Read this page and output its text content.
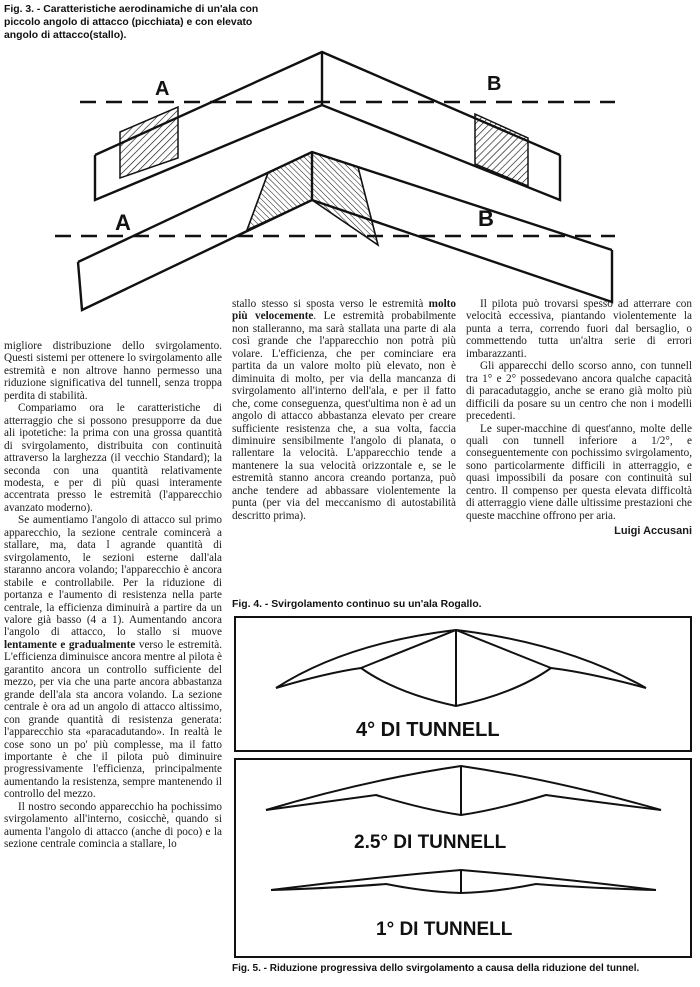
Fig. 3. - Caratteristiche aerodinamiche di un'ala con piccolo angolo di attacco (picchiata) e con elevato angolo di attacco(stallo).
A	B
A	B

migliore distribuzione dello svirgolamento. Questi sistemi per ottenere lo svirgolamento alle estremità e non altrove hanno permesso una riduzione significativa del tunnell, senza troppa perdita di stabilità.

Compariamo ora le caratteristiche di atterraggio che si possono presupporre da due ali ipotetiche: la prima con una grossa quantità di svirgolamento, distribuita con continuità attraverso la larghezza (il vecchio Standard); la seconda con una quantità relativamente modesta, e per di più quasi interamente accentrata presso le estremità (l'apparecchio avanzato moderno).

Se aumentiamo l'angolo di attacco sul primo apparecchio, la sezione centrale comincerà a stallare, ma, data l agrande quantità di svirgolamento, le sezioni esterne dall'ala staranno ancora volando; l'apparecchio è ancora stabile e controllabile. Per la riduzione di portanza e l'aumento di resistenza nella parte centrale, la efficienza diminuirà a partire da un valore già basso (4 a 1). Aumentando ancora l'angolo di attacco, lo stallo si muove lentamente e gradualmente verso le estremità. L'efficienza diminuisce ancora mentre al pilota è garantito ancora un controllo sufficiente del mezzo, per via che una parte ancora abbastanza grande dell'ala sta ancora volando. La sezione centrale è ora ad un angolo di attacco altissimo, con grande quantità di resistenza generata: l'apparecchio sta «paracadutando». In realtà le cose sono un po' più complesse, ma il fatto importante è che il pilota può diminuire progressivamente l'efficienza, principalmente aumentando la resistenza, sempre mantenendo il controllo del mezzo.

Il nostro secondo apparecchio ha pochissimo svirgolamento all'interno, cosicchè, quando si aumenta l'angolo di attacco (anche di poco) e la sezione centrale comincia a stallare, lo

stallo stesso si sposta verso le estremità molto più velocemente. Le estremità probabilmente non stalleranno, ma sarà stallata una parte di ala così grande che l'apparecchio non potrà più volare. L'efficienza, che per cominciare era partita da un valore molto più elevato, non è diminuita di molto, per via della mancanza di svirgolamento all'interno dell'ala, e per il fatto che, come conseguenza, quest'ultima non è ad un angolo di attacco abbastanza elevato per creare sufficiente resistenza che, a sua volta, faccia diminuire sensibilmente l'angolo di planata, o rallentare la velocità. L'apparecchio tende a mantenere la sua velocità orizzontale e, se le estremità stanno ancora creando portanza, può anche tendere ad abbassare violentemente la punta (per via del meccanismo di autostabilità descritto prima).

Il pilota può trovarsi spesso ad atterrare con velocità eccessiva, piantando violentemente la punta a terra, correndo fuori dal bersaglio, o commettendo tutta un'altra serie di errori imbarazzanti.

Gli apparecchi dello scorso anno, con tunnell tra 1° e 2° possedevano ancora qualche capacità di paracadutaggio, anche se erano già molto più difficili da posare su un centro che non i modelli precedenti.

Le super-macchine di quest'anno, molte delle quali con tunnell inferiore a 1/2°, e conseguentemente con pochissimo svirgolamento, sono particolarmente difficili in atterraggio, e quasi impossibili da posare con continuità sul centro. Il compenso per questa elevata difficoltà di atterraggio viene dalle ultissime prestazioni che queste macchine offrono per aria.

Luigi Accusani
Fig. 4. - Svirgolamento continuo su un'ala Rogallo.
4° DI TUNNELL
2.5° DI TUNNELL
1° DI TUNNELL
Fig. 5. - Riduzione progressiva dello svirgolamento a causa della riduzione del tunnel.
